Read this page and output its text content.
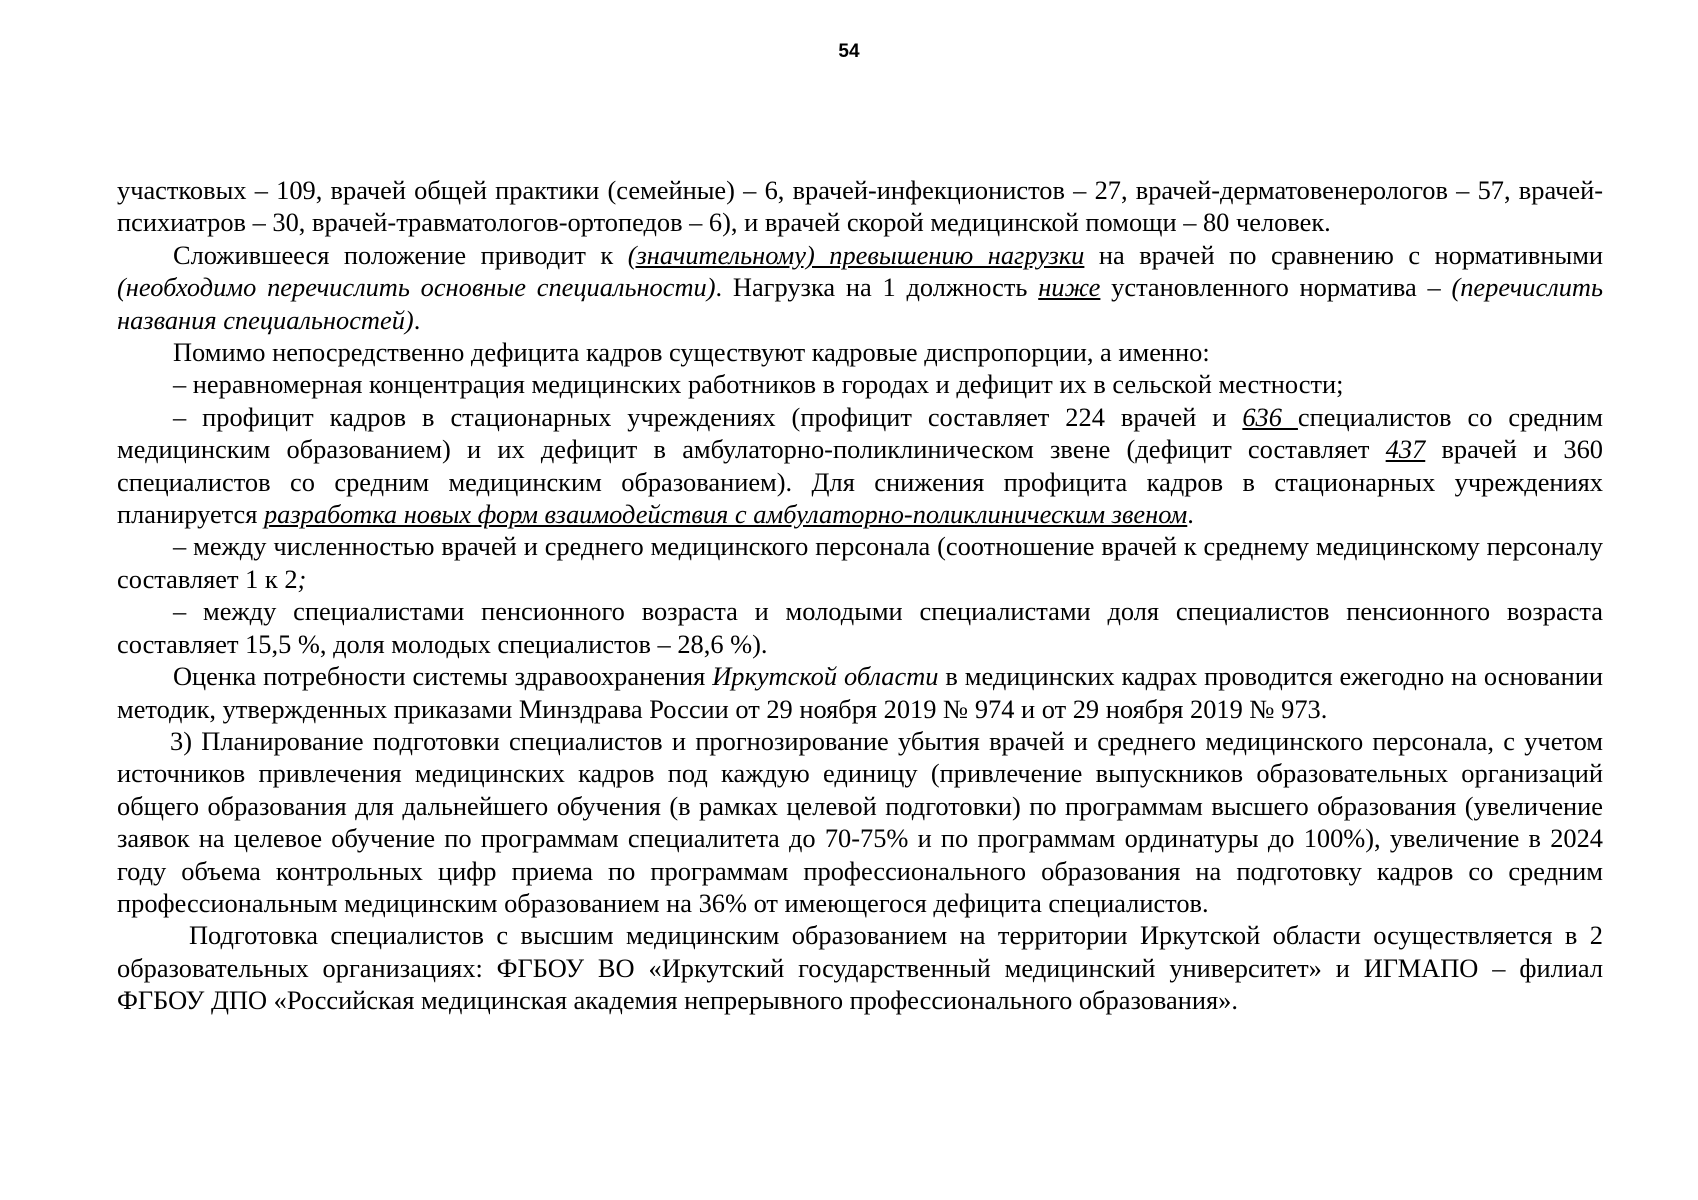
54

участковых – 109, врачей общей практики (семейные) – 6, врачей-инфекционистов – 27, врачей-дерматовенерологов – 57, врачей-психиатров – 30, врачей-травматологов-ортопедов – 6), и врачей скорой медицинской помощи – 80 человек.

Сложившееся положение приводит к (значительному) превышению нагрузки на врачей по сравнению с нормативными (необходимо перечислить основные специальности). Нагрузка на 1 должность ниже установленного норматива – (перечислить названия специальностей).

Помимо непосредственно дефицита кадров существуют кадровые диспропорции, а именно:

– неравномерная концентрация медицинских работников в городах и дефицит их в сельской местности;

– профицит кадров в стационарных учреждениях (профицит составляет 224 врачей и 636 специалистов со средним медицинским образованием) и их дефицит в амбулаторно-поликлиническом звене (дефицит составляет 437 врачей и 360 специалистов со средним медицинским образованием). Для снижения профицита кадров в стационарных учреждениях планируется разработка новых форм взаимодействия с амбулаторно-поликлиническим звеном.

– между численностью врачей и среднего медицинского персонала (соотношение врачей к среднему медицинскому персоналу составляет 1 к 2;

– между специалистами пенсионного возраста и молодыми специалистами доля специалистов пенсионного возраста составляет 15,5 %, доля молодых специалистов – 28,6 %).

Оценка потребности системы здравоохранения Иркутской области в медицинских кадрах проводится ежегодно на основании методик, утвержденных приказами Минздрава России от 29 ноября 2019 № 974 и от 29 ноября 2019 № 973.

3) Планирование подготовки специалистов и прогнозирование убытия врачей и среднего медицинского персонала, с учетом источников привлечения медицинских кадров под каждую единицу (привлечение выпускников образовательных организаций общего образования для дальнейшего обучения (в рамках целевой подготовки) по программам высшего образования (увеличение заявок на целевое обучение по программам специалитета до 70-75% и по программам ординатуры до 100%), увеличение в 2024 году объема контрольных цифр приема по программам профессионального образования на подготовку кадров со средним профессиональным медицинским образованием на 36% от имеющегося дефицита специалистов.

Подготовка специалистов с высшим медицинским образованием на территории Иркутской области осуществляется в 2 образовательных организациях: ФГБОУ ВО «Иркутский государственный медицинский университет» и ИГМАПО – филиал ФГБОУ ДПО «Российская медицинская академия непрерывного профессионального образования».
